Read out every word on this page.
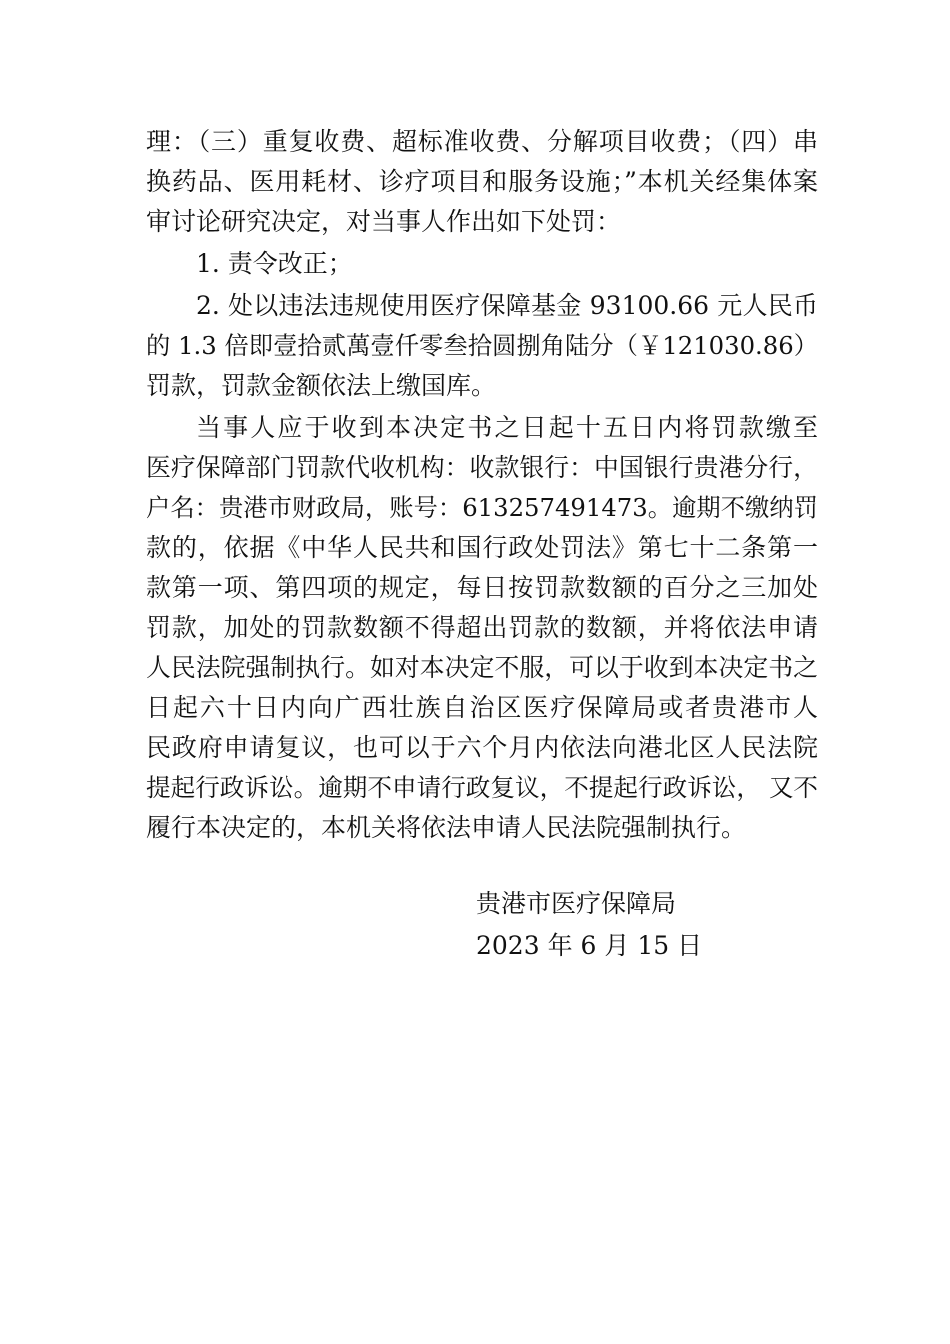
理：（三）重复收费、超标准收费、分解项目收费；（四）串
换药品、医用耗材、诊疗项目和服务设施；”本机关经集体案
审讨论研究决定，对当事人作出如下处罚：
1. 责令改正；
2. 处以违法违规使用医疗保障基金 93100.66 元人民币
的 1.3 倍即壹拾贰萬壹仟零叁拾圆捌角陆分（￥121030.86）
罚款，罚款金额依法上缴国库。
当事人应于收到本决定书之日起十五日内将罚款缴至
医疗保障部门罚款代收机构：收款银行：中国银行贵港分行，
户名：贵港市财政局，账号：613257491473。逾期不缴纳罚
款的，依据《中华人民共和国行政处罚法》第七十二条第一
款第一项、第四项的规定，每日按罚款数额的百分之三加处
罚款，加处的罚款数额不得超出罚款的数额，并将依法申请
人民法院强制执行。如对本决定不服，可以于收到本决定书之
日起六十日内向广西壮族自治区医疗保障局或者贵港市人
民政府申请复议，也可以于六个月内依法向港北区人民法院
提起行政诉讼。逾期不申请行政复议，不提起行政诉讼， 又不
履行本决定的，本机关将依法申请人民法院强制执行。
贵港市医疗保障局
2023 年 6 月 15 日
